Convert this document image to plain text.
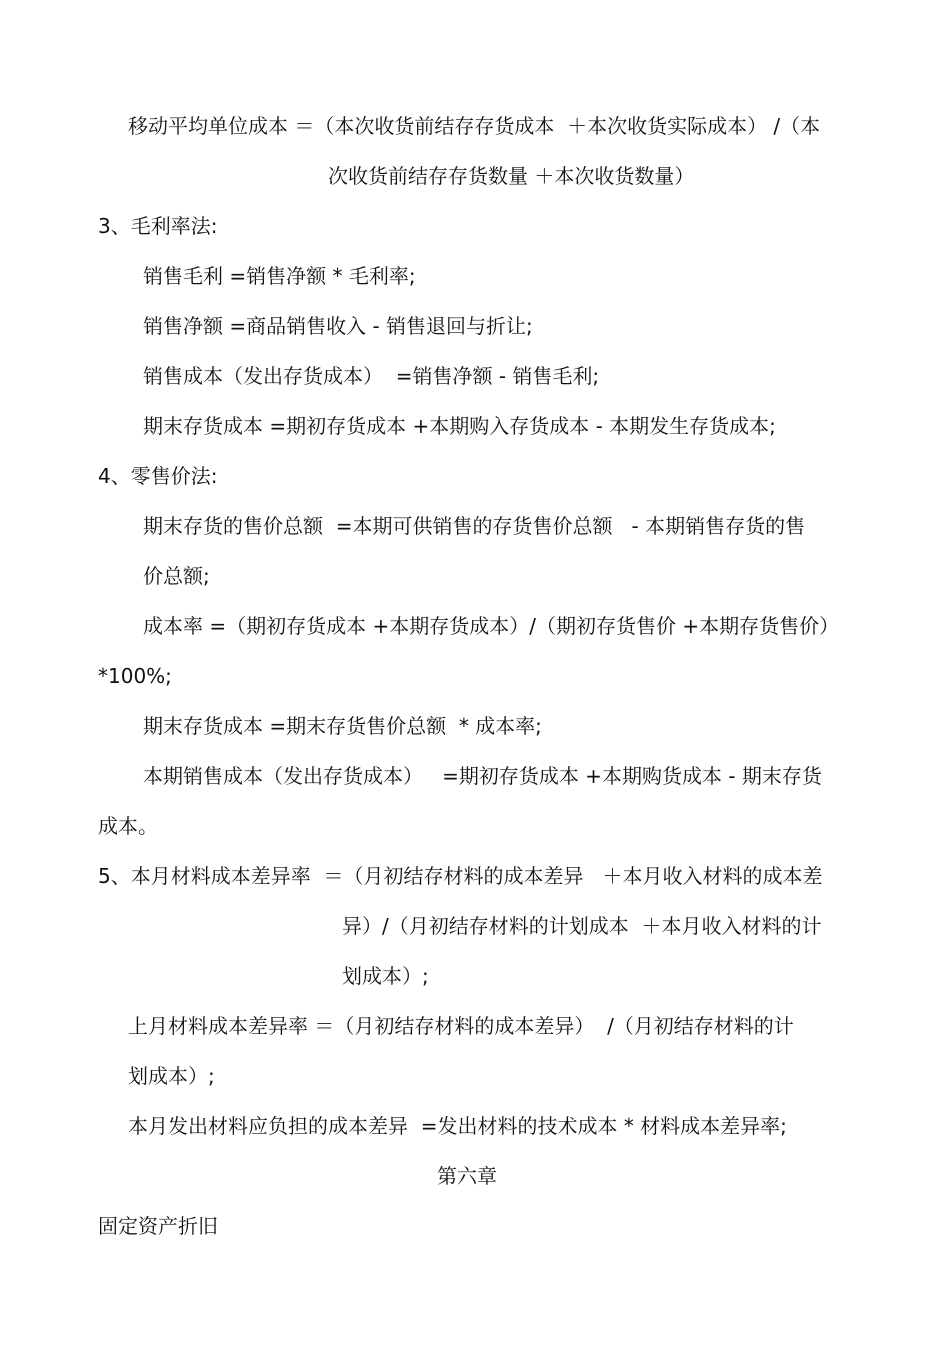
移动平均单位成本 ＝（本次收货前结存存货成本  ＋本次收货实际成本） /（本
次收货前结存存货数量 ＋本次收货数量）
3、毛利率法:
销售毛利 =销售净额 * 毛利率;
销售净额 =商品销售收入 - 销售退回与折让;
销售成本（发出存货成本）  =销售净额 - 销售毛利;
期末存货成本 =期初存货成本 +本期购入存货成本 - 本期发生存货成本;
4、零售价法:
期末存货的售价总额  =本期可供销售的存货售价总额   - 本期销售存货的售
价总额;
成本率 =（期初存货成本 +本期存货成本）/（期初存货售价 +本期存货售价）
*100%;
期末存货成本 =期末存货售价总额  * 成本率;
本期销售成本（发出存货成本）   =期初存货成本 +本期购货成本 - 期末存货
成本。
5、本月材料成本差异率  ＝（月初结存材料的成本差异   ＋本月收入材料的成本差
异）/（月初结存材料的计划成本  ＋本月收入材料的计
划成本）;
上月材料成本差异率 ＝（月初结存材料的成本差异）  /（月初结存材料的计
划成本）;
本月发出材料应负担的成本差异  =发出材料的技术成本 * 材料成本差异率;
第六章
固定资产折旧
